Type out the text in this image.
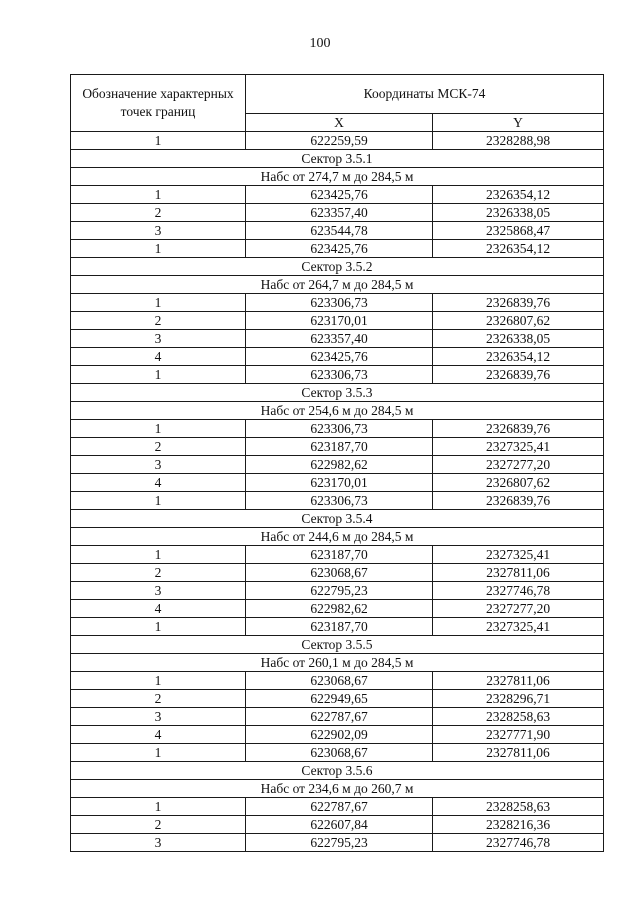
100
Обозначение характерных точек границ	Координаты МСК-74	
	X	Y
1	622259,59	2328288,98
Сектор 3.5.1		
Набс от 274,7 м до 284,5 м		
1	623425,76	2326354,12
2	623357,40	2326338,05
3	623544,78	2325868,47
1	623425,76	2326354,12
Сектор 3.5.2		
Набс от 264,7 м до 284,5 м		
1	623306,73	2326839,76
2	623170,01	2326807,62
3	623357,40	2326338,05
4	623425,76	2326354,12
1	623306,73	2326839,76
Сектор 3.5.3		
Набс от 254,6 м до 284,5 м		
1	623306,73	2326839,76
2	623187,70	2327325,41
3	622982,62	2327277,20
4	623170,01	2326807,62
1	623306,73	2326839,76
Сектор 3.5.4		
Набс от 244,6 м до 284,5 м		
1	623187,70	2327325,41
2	623068,67	2327811,06
3	622795,23	2327746,78
4	622982,62	2327277,20
1	623187,70	2327325,41
Сектор 3.5.5		
Набс от 260,1 м до 284,5 м		
1	623068,67	2327811,06
2	622949,65	2328296,71
3	622787,67	2328258,63
4	622902,09	2327771,90
1	623068,67	2327811,06
Сектор 3.5.6		
Набс от 234,6 м до 260,7 м		
1	622787,67	2328258,63
2	622607,84	2328216,36
3	622795,23	2327746,78
